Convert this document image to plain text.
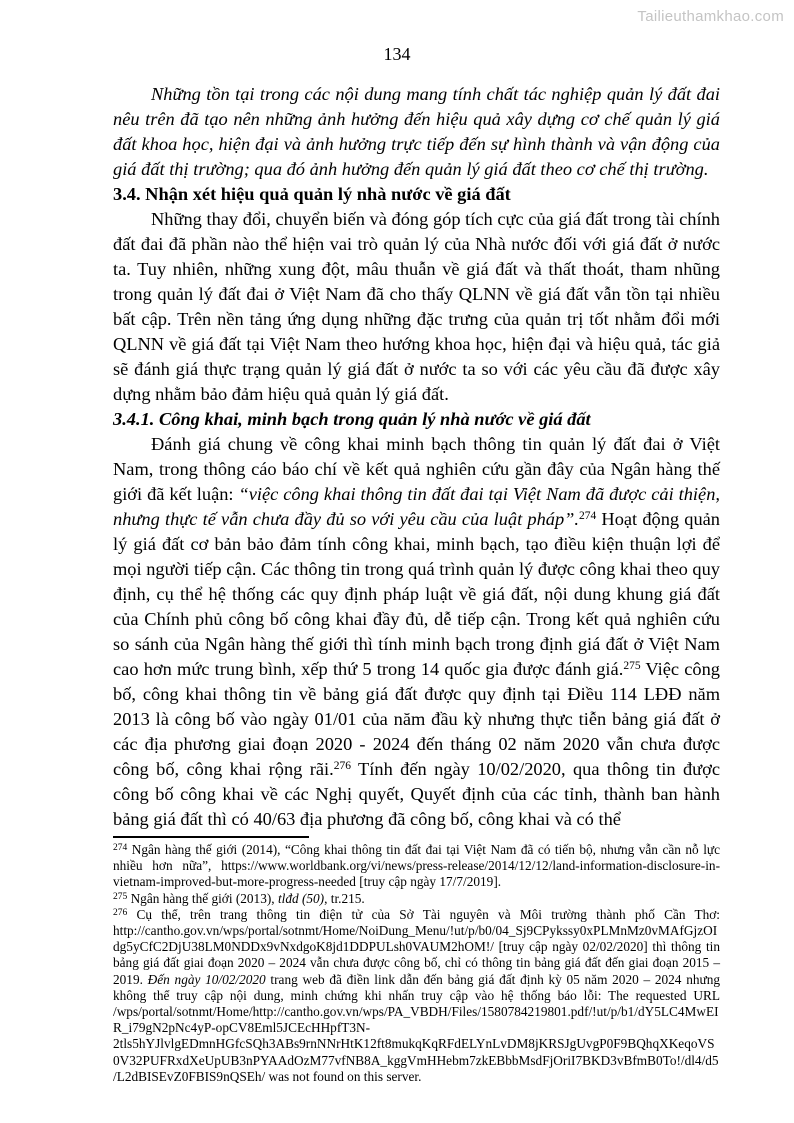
Tailieuthamkhao.com
134

Những tồn tại trong các nội dung mang tính chất tác nghiệp quản lý đất đai nêu trên đã tạo nên những ảnh hưởng đến hiệu quả xây dựng cơ chế quản lý giá đất khoa học, hiện đại và ảnh hưởng trực tiếp đến sự hình thành và vận động của giá đất thị trường; qua đó ảnh hưởng đến quản lý giá đất theo cơ chế thị trường.

3.4. Nhận xét hiệu quả quản lý nhà nước về giá đất

Những thay đổi, chuyển biến và đóng góp tích cực của giá đất trong tài chính đất đai đã phần nào thể hiện vai trò quản lý của Nhà nước đối với giá đất ở nước ta. Tuy nhiên, những xung đột, mâu thuẫn về giá đất và thất thoát, tham nhũng trong quản lý đất đai ở Việt Nam đã cho thấy QLNN về giá đất vẫn tồn tại nhiều bất cập. Trên nền tảng ứng dụng những đặc trưng của quản trị tốt nhằm đổi mới QLNN về giá đất tại Việt Nam theo hướng khoa học, hiện đại và hiệu quả, tác giả sẽ đánh giá thực trạng quản lý giá đất ở nước ta so với các yêu cầu đã được xây dựng nhằm bảo đảm hiệu quả quản lý giá đất.

3.4.1. Công khai, minh bạch trong quản lý nhà nước về giá đất

Đánh giá chung về công khai minh bạch thông tin quản lý đất đai ở Việt Nam, trong thông cáo báo chí về kết quả nghiên cứu gần đây của Ngân hàng thế giới đã kết luận: “việc công khai thông tin đất đai tại Việt Nam đã được cải thiện, nhưng thực tế vẫn chưa đầy đủ so với yêu cầu của luật pháp”.$^{274}$ Hoạt động quản lý giá đất cơ bản bảo đảm tính công khai, minh bạch, tạo điều kiện thuận lợi để mọi người tiếp cận. Các thông tin trong quá trình quản lý được công khai theo quy định, cụ thể hệ thống các quy định pháp luật về giá đất, nội dung khung giá đất của Chính phủ công bố công khai đầy đủ, dễ tiếp cận. Trong kết quả nghiên cứu so sánh của Ngân hàng thế giới thì tính minh bạch trong định giá đất ở Việt Nam cao hơn mức trung bình, xếp thứ 5 trong 14 quốc gia được đánh giá.$^{275}$ Việc công bố, công khai thông tin về bảng giá đất được quy định tại Điều 114 LĐĐ năm 2013 là công bố vào ngày 01/01 của năm đầu kỳ nhưng thực tiễn bảng giá đất ở các địa phương giai đoạn 2020 - 2024 đến tháng 02 năm 2020 vẫn chưa được công bố, công khai rộng rãi.$^{276}$ Tính đến ngày 10/02/2020, qua thông tin được công bố công khai về các Nghị quyết, Quyết định của các tỉnh, thành ban hành bảng giá đất thì có 40/63 địa phương đã công bố, công khai và có thể

$^{274}$ Ngân hàng thế giới (2014), “Công khai thông tin đất đai tại Việt Nam đã có tiến bộ, nhưng vẫn cần nỗ lực nhiều hơn nữa”, https://www.worldbank.org/vi/news/press-release/2014/12/12/land-information-disclosure-in-vietnam-improved-but-more-progress-needed [truy cập ngày 17/7/2019].

$^{275}$ Ngân hàng thế giới (2013), tlđd (50), tr.215.

$^{276}$ Cụ thể, trên trang thông tin điện tử của Sở Tài nguyên và Môi trường thành phố Cần Thơ: http://cantho.gov.vn/wps/portal/sotnmt/Home/NoiDung_Menu/!ut/p/b0/04_Sj9CPykssy0xPLMnMz0vMAfGjzOIdg5yCfC2DjU38LM0NDDx9vNxdgoK8jd1DDPULsh0VAUM2hOM!/ [truy cập ngày 02/02/2020] thì thông tin bảng giá đất giai đoạn 2020 – 2024 vẫn chưa được công bố, chỉ có thông tin bảng giá đất đến giai đoạn 2015 – 2019. Đến ngày 10/02/2020 trang web đã điền link dẫn đến bảng giá đất định kỳ 05 năm 2020 – 2024 nhưng không thể truy cập nội dung, minh chứng khi nhấn truy cập vào hệ thống báo lỗi: The requested URL /wps/portal/sotnmt/Home/http://cantho.gov.vn/wps/PA_VBDH/Files/1580784219801.pdf/!ut/p/b1/dY5LC4MwEIR_i79gN2pNc4yP-opCV8Eml5JCEcHHpfT3N-2tls5hYJlvlgEDmnHGfcSQh3ABs9rnNNrHtK12ft8mukqKqRFdELYnLvDM8jKRSJgUvgP0F9BQhqXKeqoVS0V32PUFRxdXeUpUB3nPYAAdOzM77vfNB8A_kggVmHHebm7zkEBbbMsdFjOriI7BKD3vBfmB0To!/dl4/d5/L2dBISEvZ0FBIS9nQSEh/ was not found on this server.
